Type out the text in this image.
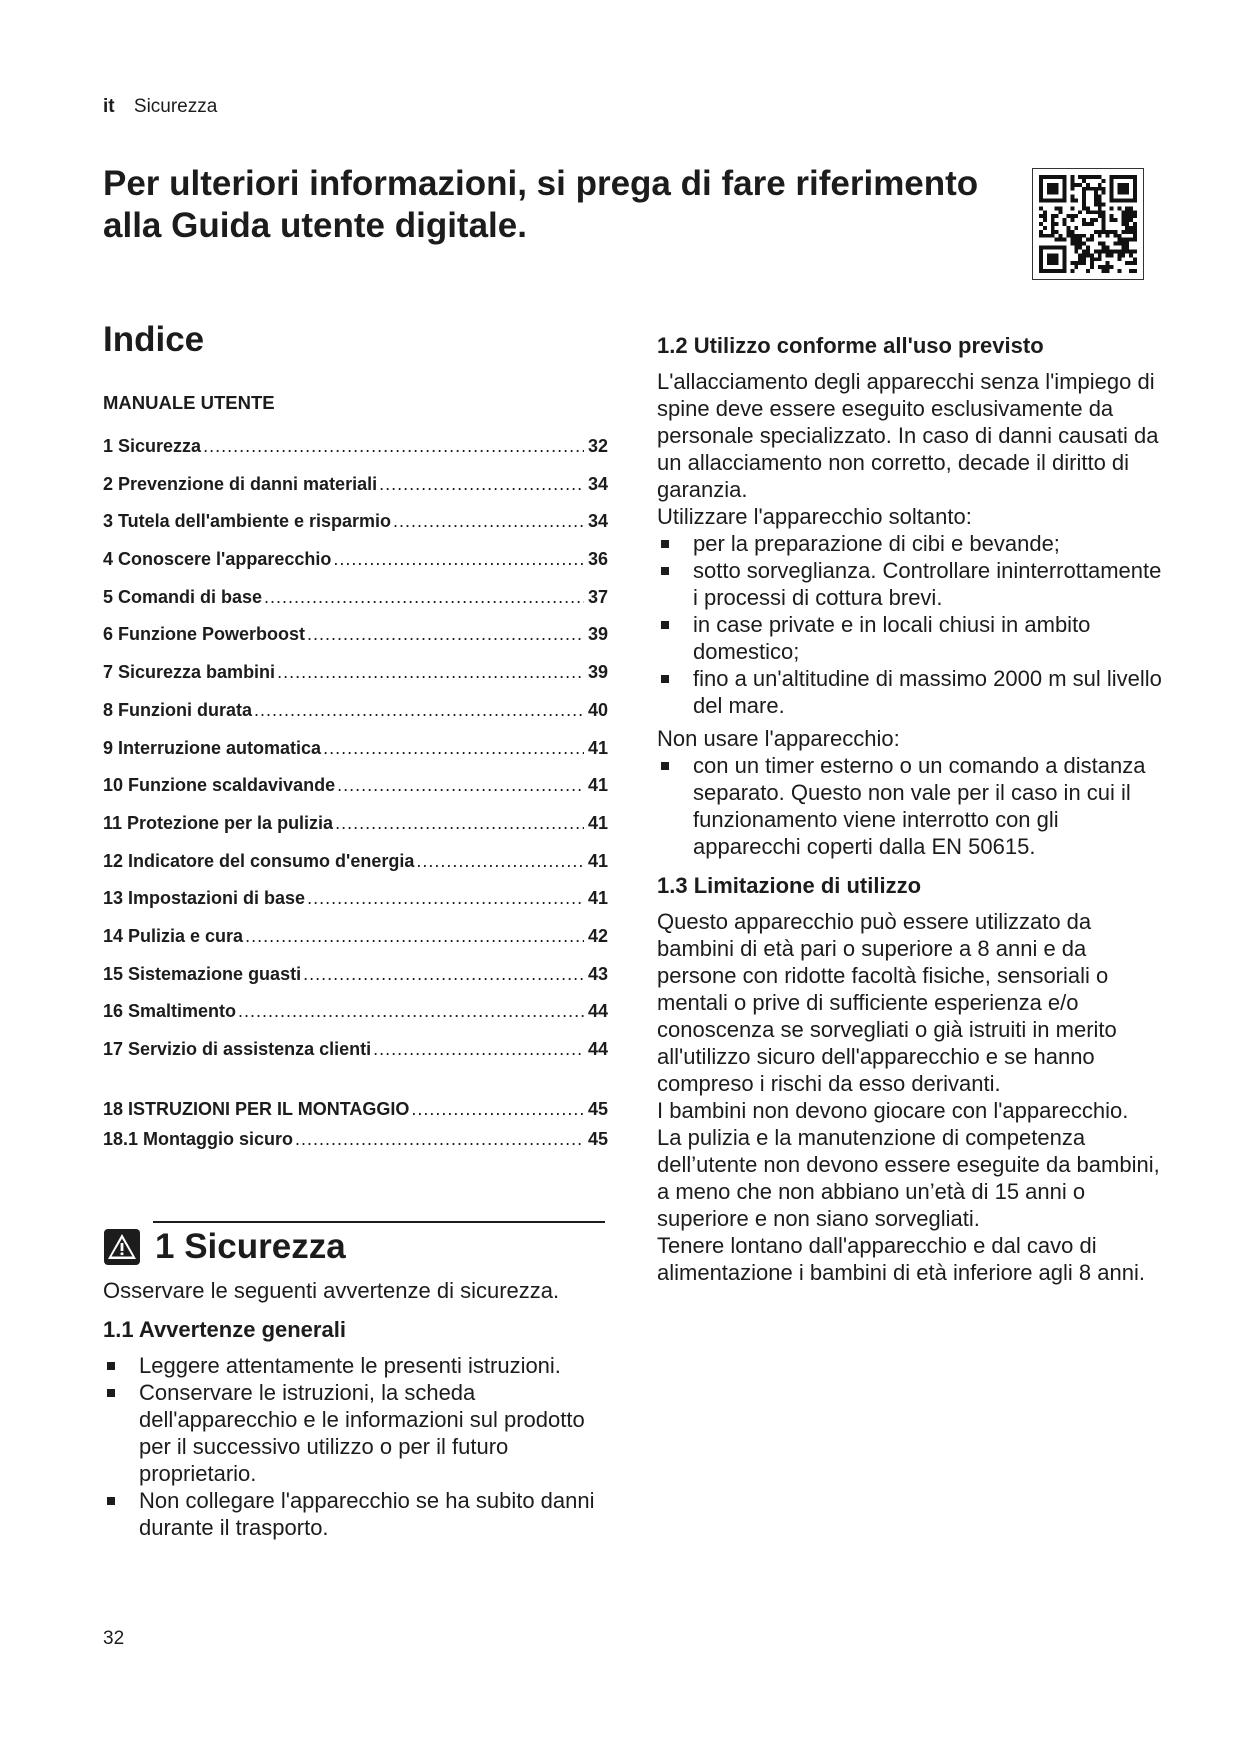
it Sicurezza

Per ulteriori informazioni, si prega di fare riferimento alla Guida utente digitale.

Indice
MANUALE UTENTE
1 Sicurezza .....	32
2 Prevenzione di danni materiali .....	34
3 Tutela dell'ambiente e risparmio .....	34
4 Conoscere l'apparecchio .....	36
5 Comandi di base .....	37
6 Funzione Powerboost .....	39
7 Sicurezza bambini .....	39
8 Funzioni durata .....	40
9 Interruzione automatica .....	41
10 Funzione scaldavivande .....	41
11 Protezione per la pulizia .....	41
12 Indicatore del consumo d'energia .....	41
13 Impostazioni di base .....	41
14 Pulizia e cura .....	42
15 Sistemazione guasti .....	43
16 Smaltimento .....	44
17 Servizio di assistenza clienti .....	44
18 ISTRUZIONI PER IL MONTAGGIO .....	45
18.1 Montaggio sicuro .....	45
1 Sicurezza

Osservare le seguenti avvertenze di sicurezza.

1.1 Avvertenze generali
Leggere attentamente le presenti istruzioni.
Conservare le istruzioni, la scheda dell'apparecchio e le informazioni sul prodotto per il successivo utilizzo o per il futuro proprietario.
Non collegare l'apparecchio se ha subito danni durante il trasporto.
1.2 Utilizzo conforme all'uso previsto

L'allacciamento degli apparecchi senza l'impiego di spine deve essere eseguito esclusivamente da personale specializzato. In caso di danni causati da un allacciamento non corretto, decade il diritto di garanzia.

Utilizzare l'apparecchio soltanto:

per la preparazione di cibi e bevande;
sotto sorveglianza. Controllare ininterrottamente i processi di cottura brevi.
in case private e in locali chiusi in ambito domestico;
fino a un'altitudine di massimo 2000 m sul livello del mare.

Non usare l'apparecchio:

con un timer esterno o un comando a distanza separato. Questo non vale per il caso in cui il funzionamento viene interrotto con gli apparecchi coperti dalla EN 50615.
1.3 Limitazione di utilizzo

Questo apparecchio può essere utilizzato da bambini di età pari o superiore a 8 anni e da persone con ridotte facoltà fisiche, sensoriali o mentali o prive di sufficiente esperienza e/o conoscenza se sorvegliati o già istruiti in merito all'utilizzo sicuro dell'apparecchio e se hanno compreso i rischi da esso derivanti.

I bambini non devono giocare con l'apparecchio.

La pulizia e la manutenzione di competenza dell’utente non devono essere eseguite da bambini, a meno che non abbiano un’età di 15 anni o superiore e non siano sorvegliati.

Tenere lontano dall'apparecchio e dal cavo di alimentazione i bambini di età inferiore agli 8 anni.

32
